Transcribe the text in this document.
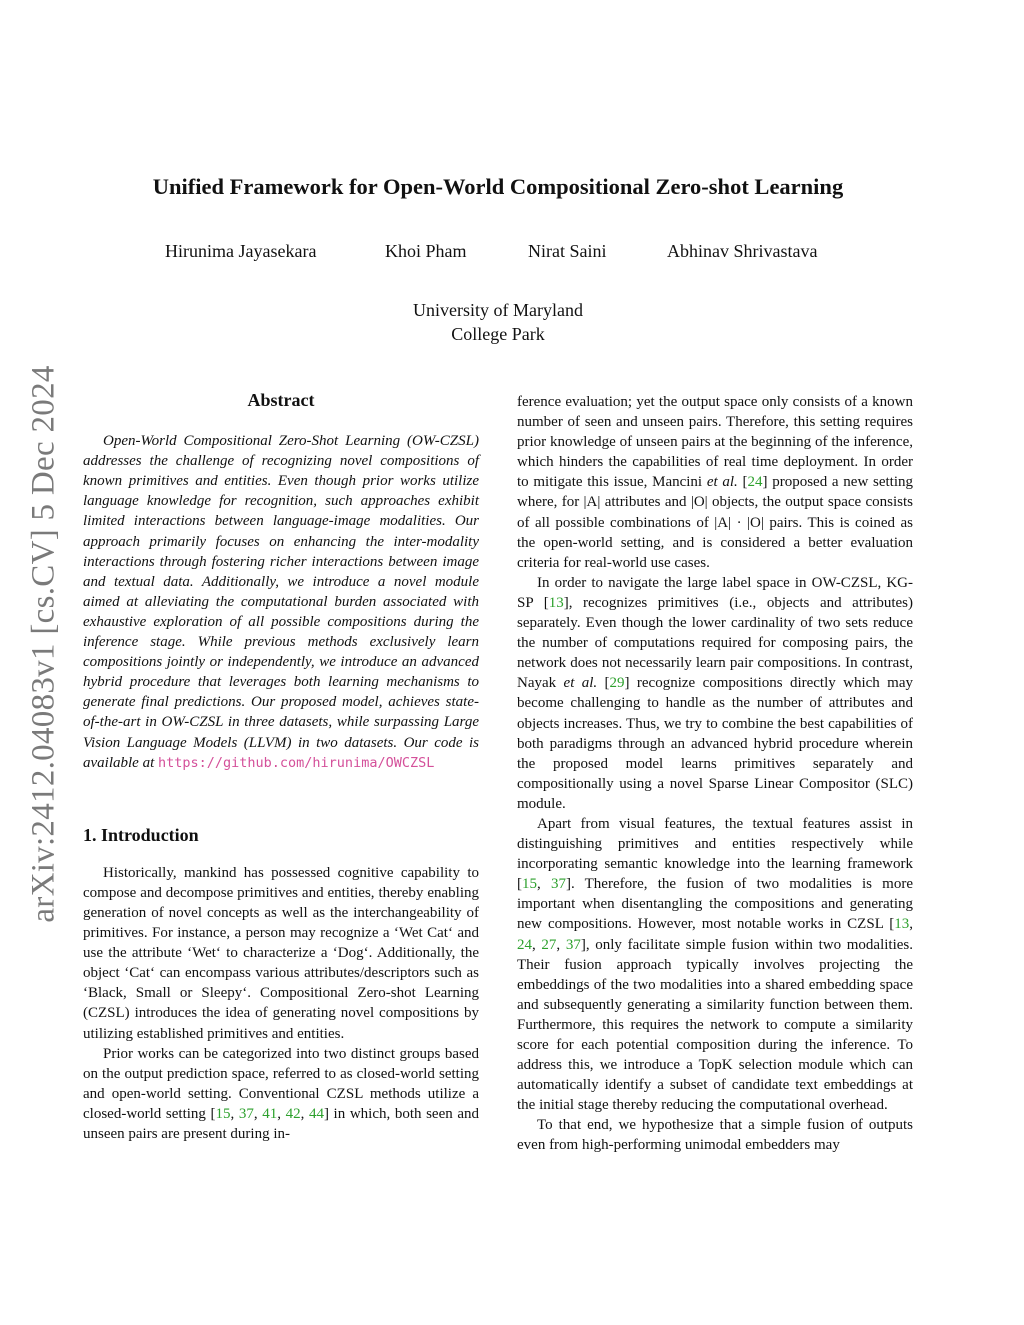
arXiv:2412.04083v1 [cs.CV] 5 Dec 2024
Unified Framework for Open-World Compositional Zero-shot Learning
Hirunima Jayasekara	Khoi Pham	Nirat Saini	Abhinav Shrivastava
University of Maryland
College Park
Abstract

Open-World Compositional Zero-Shot Learning (OW-CZSL) addresses the challenge of recognizing novel compositions of known primitives and entities. Even though prior works utilize language knowledge for recognition, such approaches exhibit limited interactions between language-image modalities. Our approach primarily focuses on enhancing the inter-modality interactions through fostering richer interactions between image and textual data. Additionally, we introduce a novel module aimed at alleviating the computational burden associated with exhaustive exploration of all possible compositions during the inference stage. While previous methods exclusively learn compositions jointly or independently, we introduce an advanced hybrid procedure that leverages both learning mechanisms to generate final predictions. Our proposed model, achieves state-of-the-art in OW-CZSL in three datasets, while surpassing Large Vision Language Models (LLVM) in two datasets. Our code is available at https://github.com/hirunima/OWCZSL

1. Introduction

Historically, mankind has possessed cognitive capability to compose and decompose primitives and entities, thereby enabling generation of novel concepts as well as the interchangeability of primitives. For instance, a person may recognize a ‘Wet Cat‘ and use the attribute ‘Wet‘ to characterize a ‘Dog‘. Additionally, the object ‘Cat‘ can encompass various attributes/descriptors such as ‘Black, Small or Sleepy‘. Compositional Zero-shot Learning (CZSL) introduces the idea of generating novel compositions by utilizing established primitives and entities.

Prior works can be categorized into two distinct groups based on the output prediction space, referred to as closed-world setting and open-world setting. Conventional CZSL methods utilize a closed-world setting [15, 37, 41, 42, 44] in which, both seen and unseen pairs are present during in-

ference evaluation; yet the output space only consists of a known number of seen and unseen pairs. Therefore, this setting requires prior knowledge of unseen pairs at the beginning of the inference, which hinders the capabilities of real time deployment. In order to mitigate this issue, Mancini et al. [24] proposed a new setting where, for |A| attributes and |O| objects, the output space consists of all possible combinations of |A| · |O| pairs. This is coined as the open-world setting, and is considered a better evaluation criteria for real-world use cases.

In order to navigate the large label space in OW-CZSL, KG-SP [13], recognizes primitives (i.e., objects and attributes) separately. Even though the lower cardinality of two sets reduce the number of computations required for composing pairs, the network does not necessarily learn pair compositions. In contrast, Nayak et al. [29] recognize compositions directly which may become challenging to handle as the number of attributes and objects increases. Thus, we try to combine the best capabilities of both paradigms through an advanced hybrid procedure wherein the proposed model learns primitives separately and compositionally using a novel Sparse Linear Compositor (SLC) module.

Apart from visual features, the textual features assist in distinguishing primitives and entities respectively while incorporating semantic knowledge into the learning framework [15, 37]. Therefore, the fusion of two modalities is more important when disentangling the compositions and generating new compositions. However, most notable works in CZSL [13, 24, 27, 37], only facilitate simple fusion within two modalities. Their fusion approach typically involves projecting the embeddings of the two modalities into a shared embedding space and subsequently generating a similarity function between them. Furthermore, this requires the network to compute a similarity score for each potential composition during the inference. To address this, we introduce a TopK selection module which can automatically identify a subset of candidate text embeddings at the initial stage thereby reducing the computational overhead.

To that end, we hypothesize that a simple fusion of outputs even from high-performing unimodal embedders may
